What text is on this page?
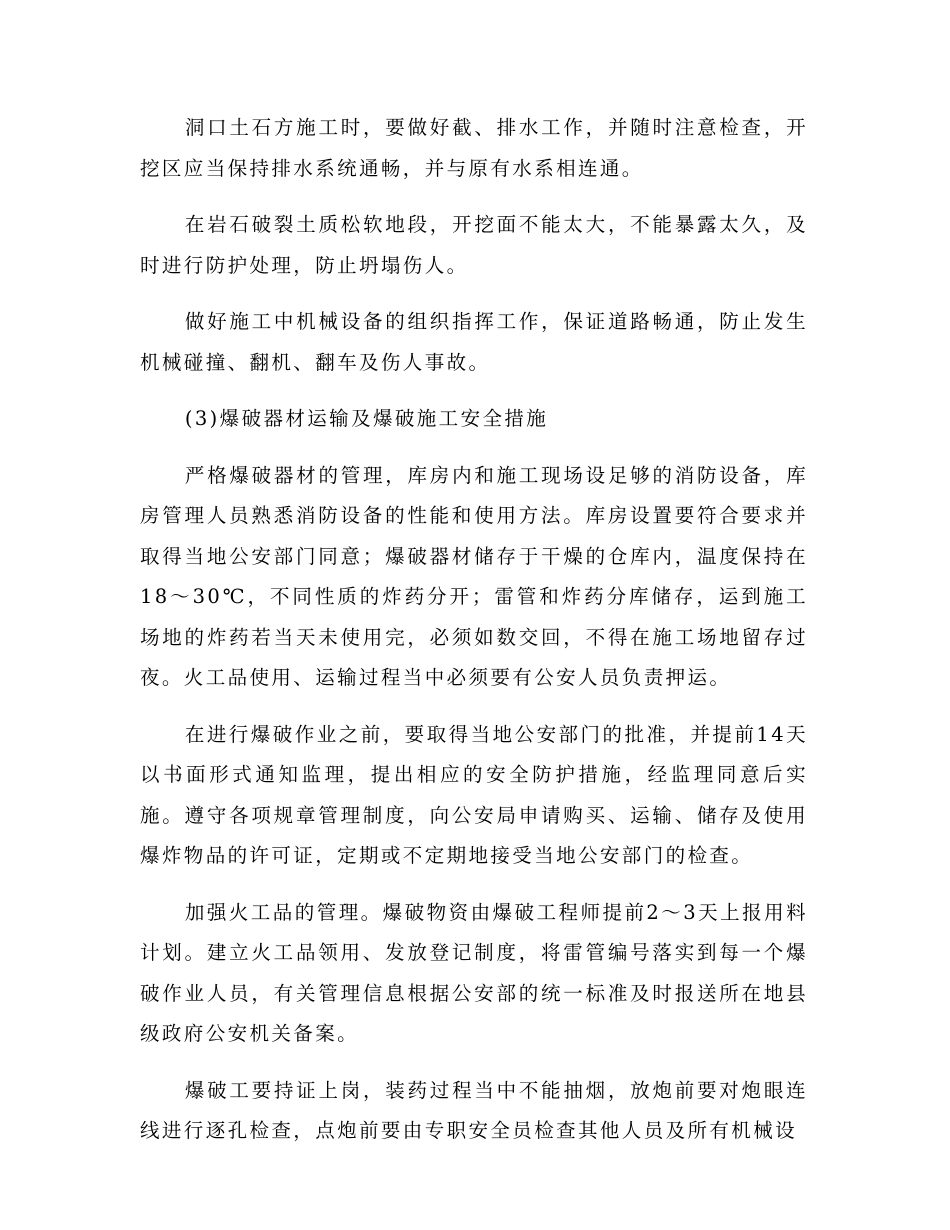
洞口土石方施工时，要做好截、排水工作，并随时注意检查，开挖区应当保持排水系统通畅，并与原有水系相连通。

在岩石破裂土质松软地段，开挖面不能太大，不能暴露太久，及时进行防护处理，防止坍塌伤人。

做好施工中机械设备的组织指挥工作，保证道路畅通，防止发生机械碰撞、翻机、翻车及伤人事故。

(3)爆破器材运输及爆破施工安全措施

严格爆破器材的管理，库房内和施工现场设足够的消防设备，库房管理人员熟悉消防设备的性能和使用方法。库房设置要符合要求并取得当地公安部门同意；爆破器材储存于干燥的仓库内，温度保持在18～30℃，不同性质的炸药分开；雷管和炸药分库储存，运到施工场地的炸药若当天未使用完，必须如数交回，不得在施工场地留存过夜。火工品使用、运输过程当中必须要有公安人员负责押运。

在进行爆破作业之前，要取得当地公安部门的批准，并提前14天以书面形式通知监理，提出相应的安全防护措施，经监理同意后实施。遵守各项规章管理制度，向公安局申请购买、运输、储存及使用爆炸物品的许可证，定期或不定期地接受当地公安部门的检查。

加强火工品的管理。爆破物资由爆破工程师提前2～3天上报用料计划。建立火工品领用、发放登记制度，将雷管编号落实到每一个爆破作业人员，有关管理信息根据公安部的统一标准及时报送所在地县级政府公安机关备案。

爆破工要持证上岗，装药过程当中不能抽烟，放炮前要对炮眼连线进行逐孔检查，点炮前要由专职安全员检查其他人员及所有机械设
